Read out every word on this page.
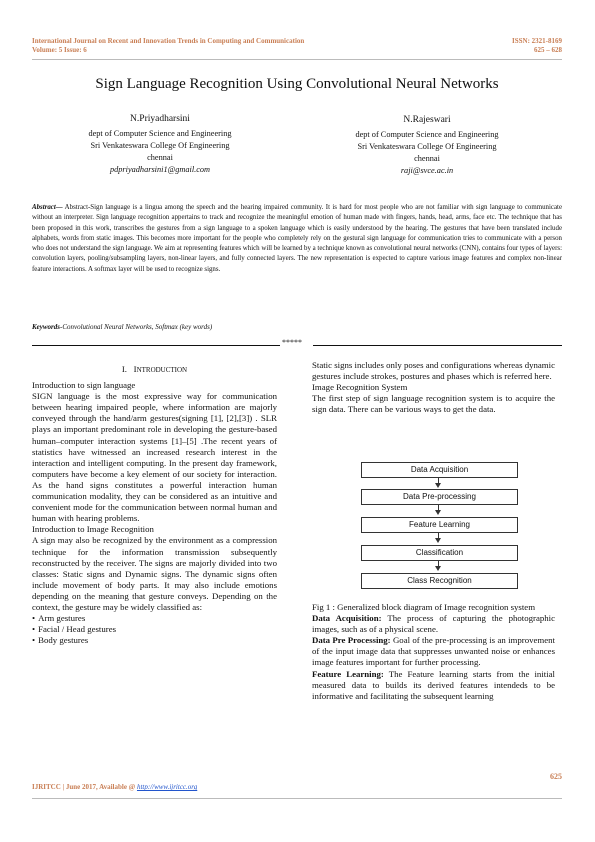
International Journal on Recent and Innovation Trends in Computing and Communication
Volume: 5 Issue: 6
ISSN: 2321-8169
625 – 628
Sign Language Recognition Using Convolutional Neural Networks
N.Priyadharsini
dept of Computer Science and Engineering
Sri Venkateswara College Of Engineering
chennai
pdpriyadharsini1@gmail.com
N.Rajeswari
dept of Computer Science and Engineering
Sri Venkateswara College Of Engineering
chennai
raji@svce.ac.in
Abstract— Abstract-Sign language is a lingua among the speech and the hearing impaired community. It is hard for most people who are not familiar with sign language to communicate without an interpreter. Sign language recognition appertains to track and recognize the meaningful emotion of human made with fingers, hands, head, arms, face etc. The technique that has been proposed in this work, transcribes the gestures from a sign language to a spoken language which is easily understood by the hearing. The gestures that have been translated include alphabets, words from static images. This becomes more important for the people who completely rely on the gestural sign language for communication tries to communicate with a person who does not understand the sign language. We aim at representing features which will be learned by a technique known as convolutional neural networks (CNN), contains four types of layers: convolution layers, pooling/subsampling layers, non-linear layers, and fully connected layers. The new representation is expected to capture various image features and complex non-linear feature interactions. A softmax layer will be used to recognize signs.
Keywords-Convolutional Neural Networks, Softmax (key words)
*****

I. INTRODUCTION

Introduction to sign language

SIGN language is the most expressive way for communication between hearing impaired people, where information are majorly conveyed through the hand/arm gestures(signing [1], [2],[3]) . SLR plays an important predominant role in developing the gesture-based human–computer interaction systems [1]–[5] .The recent years of statistics have witnessed an increased research interest in the interaction and intelligent computing. In the present day framework, computers have become a key element of our society for interaction. As the hand signs constitutes a powerful interaction human communication modality, they can be considered as an intuitive and convenient mode for the communication between normal human and human with hearing problems.

Introduction to Image Recognition

A sign may also be recognized by the environment as a compression technique for the information transmission subsequently reconstructed by the receiver. The signs are majorly divided into two classes: Static signs and Dynamic signs. The dynamic signs often include movement of body parts. It may also include emotions depending on the meaning that gesture conveys. Depending on the context, the gesture may be widely classified as:

• Arm gestures
• Facial / Head gestures
• Body gestures

Static signs includes only poses and configurations whereas dynamic gestures include strokes, postures and phases which is referred here.

Image Recognition System

The first step of sign language recognition system is to acquire the sign data. There can be various ways to get the data.

Data Acquisition
Data Pre-processing
Feature Learning
Classification
Class Recognition

Fig 1 : Generalized block diagram of Image recognition system

Data Acquisition: The process of capturing the photographic images, such as of a physical scene.

Data Pre Processing: Goal of the pre-processing is an improvement of the input image data that suppresses unwanted noise or enhances image features important for further processing.

Feature Learning: The Feature learning starts from the initial measured data to builds its derived features intendeds to be informative and facilitating the subsequent learning

625
IJRITCC | June 2017, Available @ http://www.ijritcc.org
